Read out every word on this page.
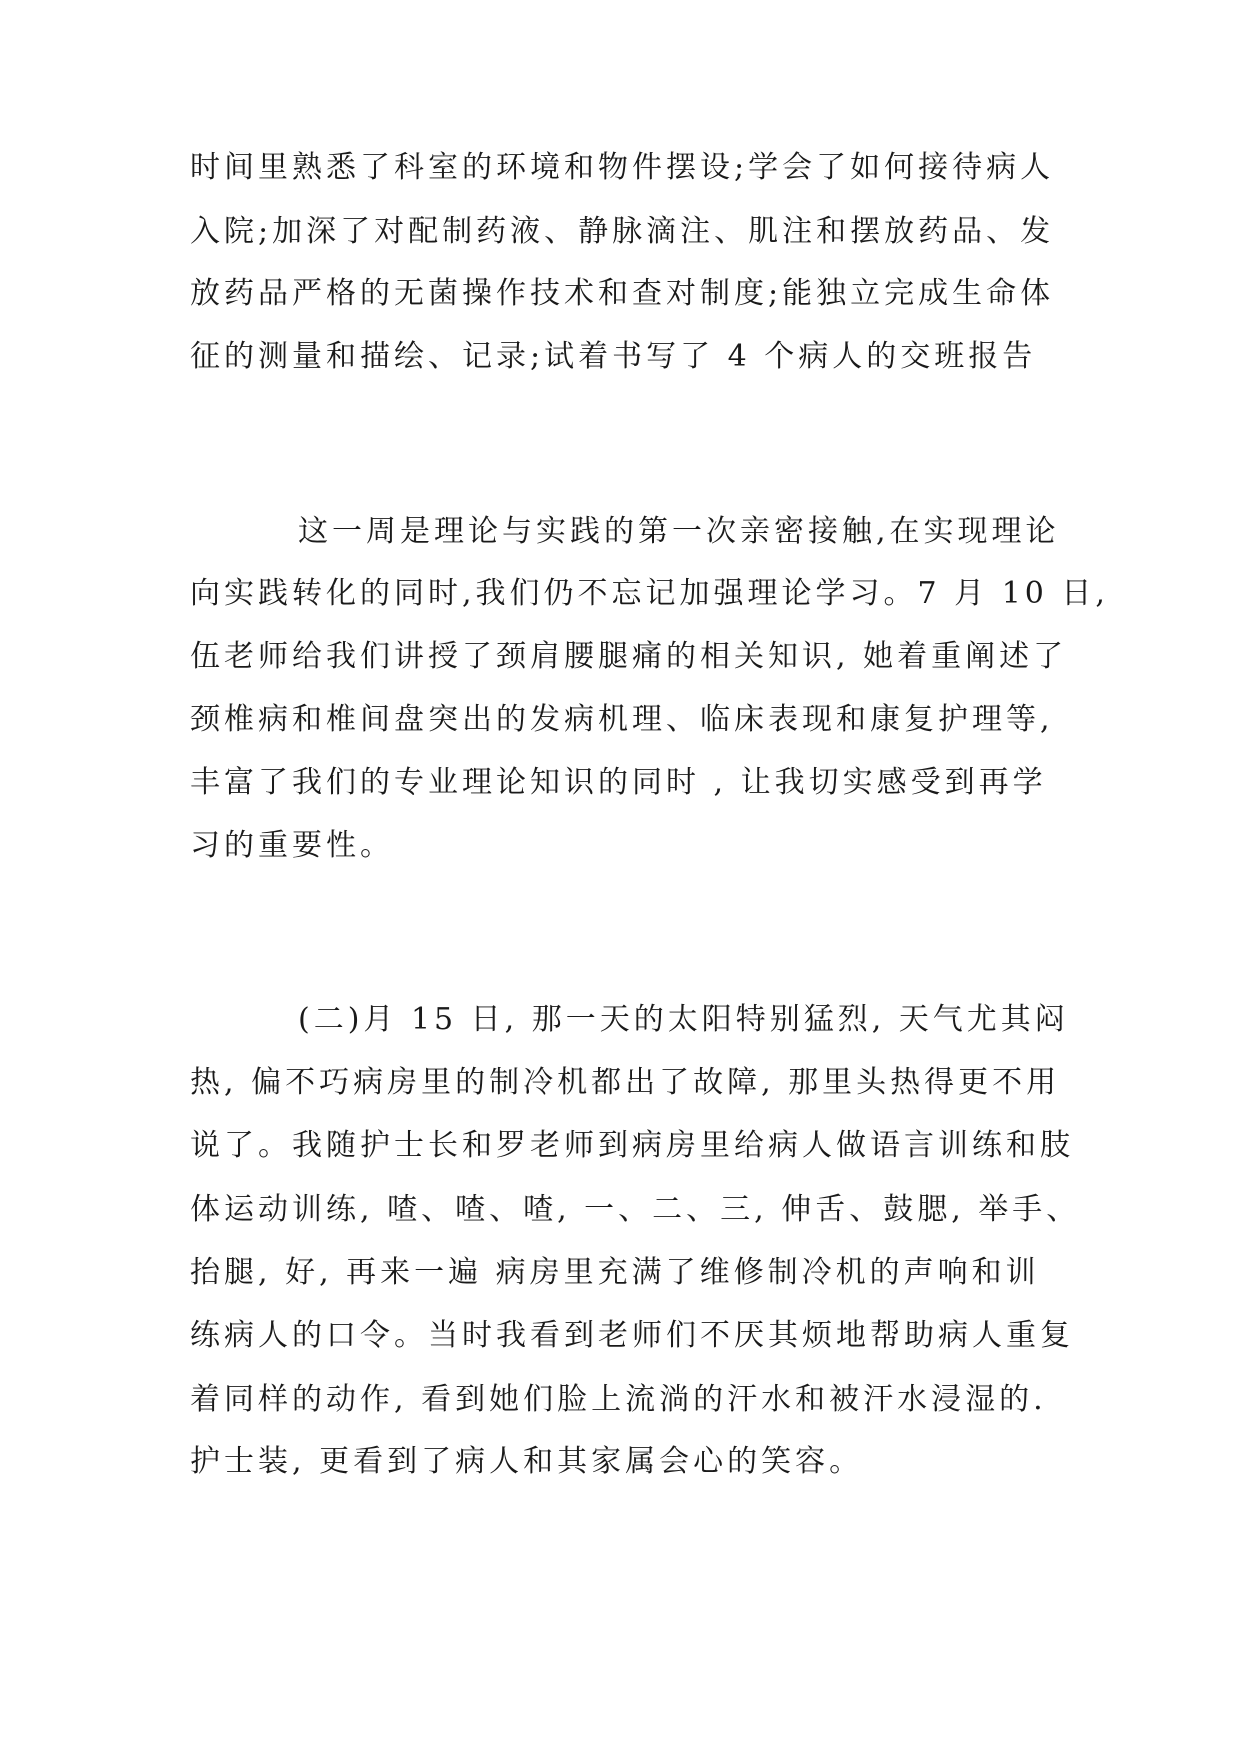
时间里熟悉了科室的环境和物件摆设;学会了如何接待病人

入院;加深了对配制药液、静脉滴注、肌注和摆放药品、发

放药品严格的无菌操作技术和查对制度;能独立完成生命体

征的测量和描绘、记录;试着书写了 4 个病人的交班报告

这一周是理论与实践的第一次亲密接触,在实现理论

向实践转化的同时,我们仍不忘记加强理论学习。7 月 10 日,

伍老师给我们讲授了颈肩腰腿痛的相关知识, 她着重阐述了

颈椎病和椎间盘突出的发病机理、临床表现和康复护理等,

丰富了我们的专业理论知识的同时 , 让我切实感受到再学

习的重要性。

(二)月 15 日, 那一天的太阳特别猛烈, 天气尤其闷

热, 偏不巧病房里的制冷机都出了故障, 那里头热得更不用

说了。我随护士长和罗老师到病房里给病人做语言训练和肢

体运动训练, 喳、喳、喳, 一、二、三, 伸舌、鼓腮, 举手、

抬腿, 好, 再来一遍 病房里充满了维修制冷机的声响和训

练病人的口令。当时我看到老师们不厌其烦地帮助病人重复

着同样的动作, 看到她们脸上流淌的汗水和被汗水浸湿的.

护士装, 更看到了病人和其家属会心的笑容。
